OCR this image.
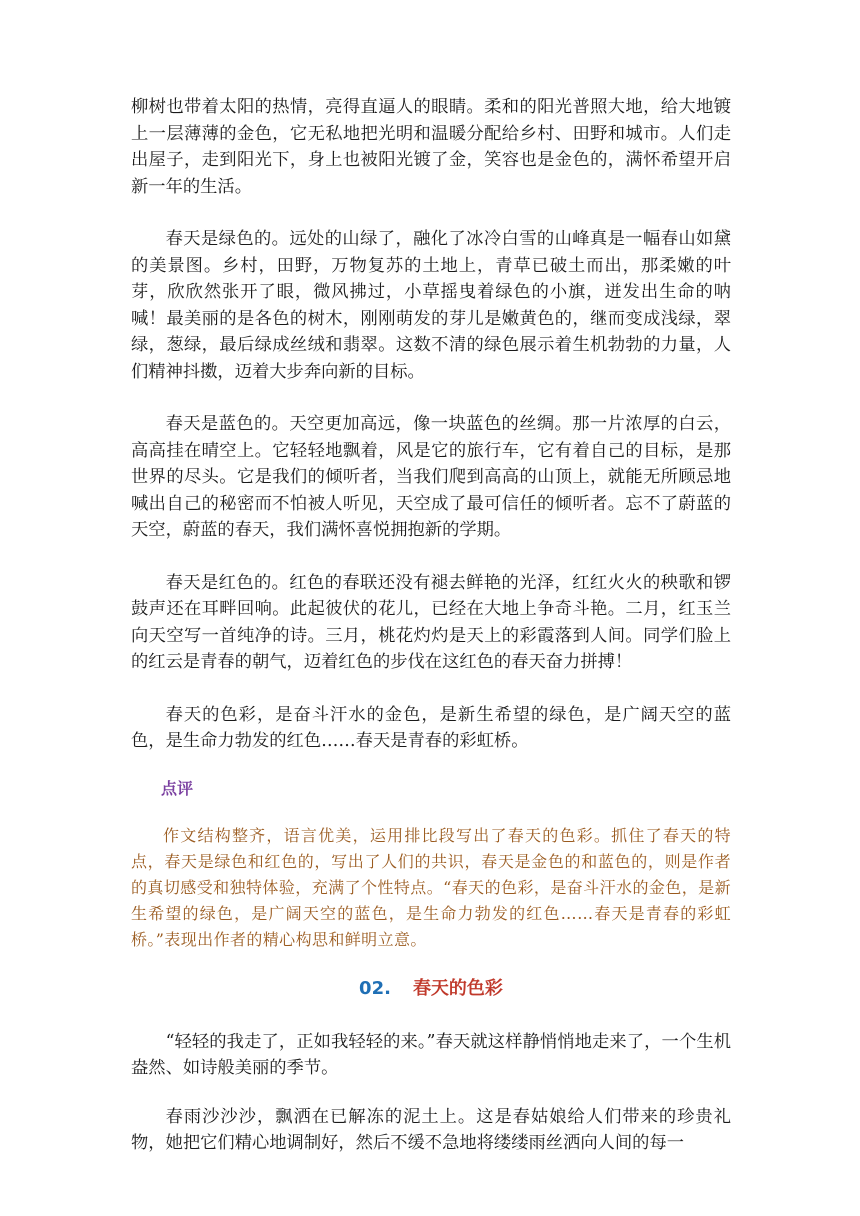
柳树也带着太阳的热情，亮得直逼人的眼睛。柔和的阳光普照大地，给大地镀上一层薄薄的金色，它无私地把光明和温暖分配给乡村、田野和城市。人们走出屋子，走到阳光下，身上也被阳光镀了金，笑容也是金色的，满怀希望开启新一年的生活。

春天是绿色的。远处的山绿了，融化了冰冷白雪的山峰真是一幅春山如黛的美景图。乡村，田野，万物复苏的土地上，青草已破土而出，那柔嫩的叶芽，欣欣然张开了眼，微风拂过，小草摇曳着绿色的小旗，迸发出生命的呐喊！最美丽的是各色的树木，刚刚萌发的芽儿是嫩黄色的，继而变成浅绿，翠绿，葱绿，最后绿成丝绒和翡翠。这数不清的绿色展示着生机勃勃的力量，人们精神抖擞，迈着大步奔向新的目标。

春天是蓝色的。天空更加高远，像一块蓝色的丝绸。那一片浓厚的白云，高高挂在晴空上。它轻轻地飘着，风是它的旅行车，它有着自己的目标，是那世界的尽头。它是我们的倾听者，当我们爬到高高的山顶上，就能无所顾忌地喊出自己的秘密而不怕被人听见，天空成了最可信任的倾听者。忘不了蔚蓝的天空，蔚蓝的春天，我们满怀喜悦拥抱新的学期。

春天是红色的。红色的春联还没有褪去鲜艳的光泽，红红火火的秧歌和锣鼓声还在耳畔回响。此起彼伏的花儿，已经在大地上争奇斗艳。二月，红玉兰向天空写一首纯净的诗。三月，桃花灼灼是天上的彩霞落到人间。同学们脸上的红云是青春的朝气，迈着红色的步伐在这红色的春天奋力拼搏！

春天的色彩，是奋斗汗水的金色，是新生希望的绿色，是广阔天空的蓝色，是生命力勃发的红色……春天是青春的彩虹桥。

点评

作文结构整齐，语言优美，运用排比段写出了春天的色彩。抓住了春天的特点，春天是绿色和红色的，写出了人们的共识，春天是金色的和蓝色的，则是作者的真切感受和独特体验，充满了个性特点。“春天的色彩，是奋斗汗水的金色，是新生希望的绿色，是广阔天空的蓝色，是生命力勃发的红色……春天是青春的彩虹桥。”表现出作者的精心构思和鲜明立意。

02. 春天的色彩

“轻轻的我走了，正如我轻轻的来。”春天就这样静悄悄地走来了，一个生机盎然、如诗般美丽的季节。

春雨沙沙沙，飘洒在已解冻的泥土上。这是春姑娘给人们带来的珍贵礼物，她把它们精心地调制好，然后不缓不急地将缕缕雨丝洒向人间的每一
